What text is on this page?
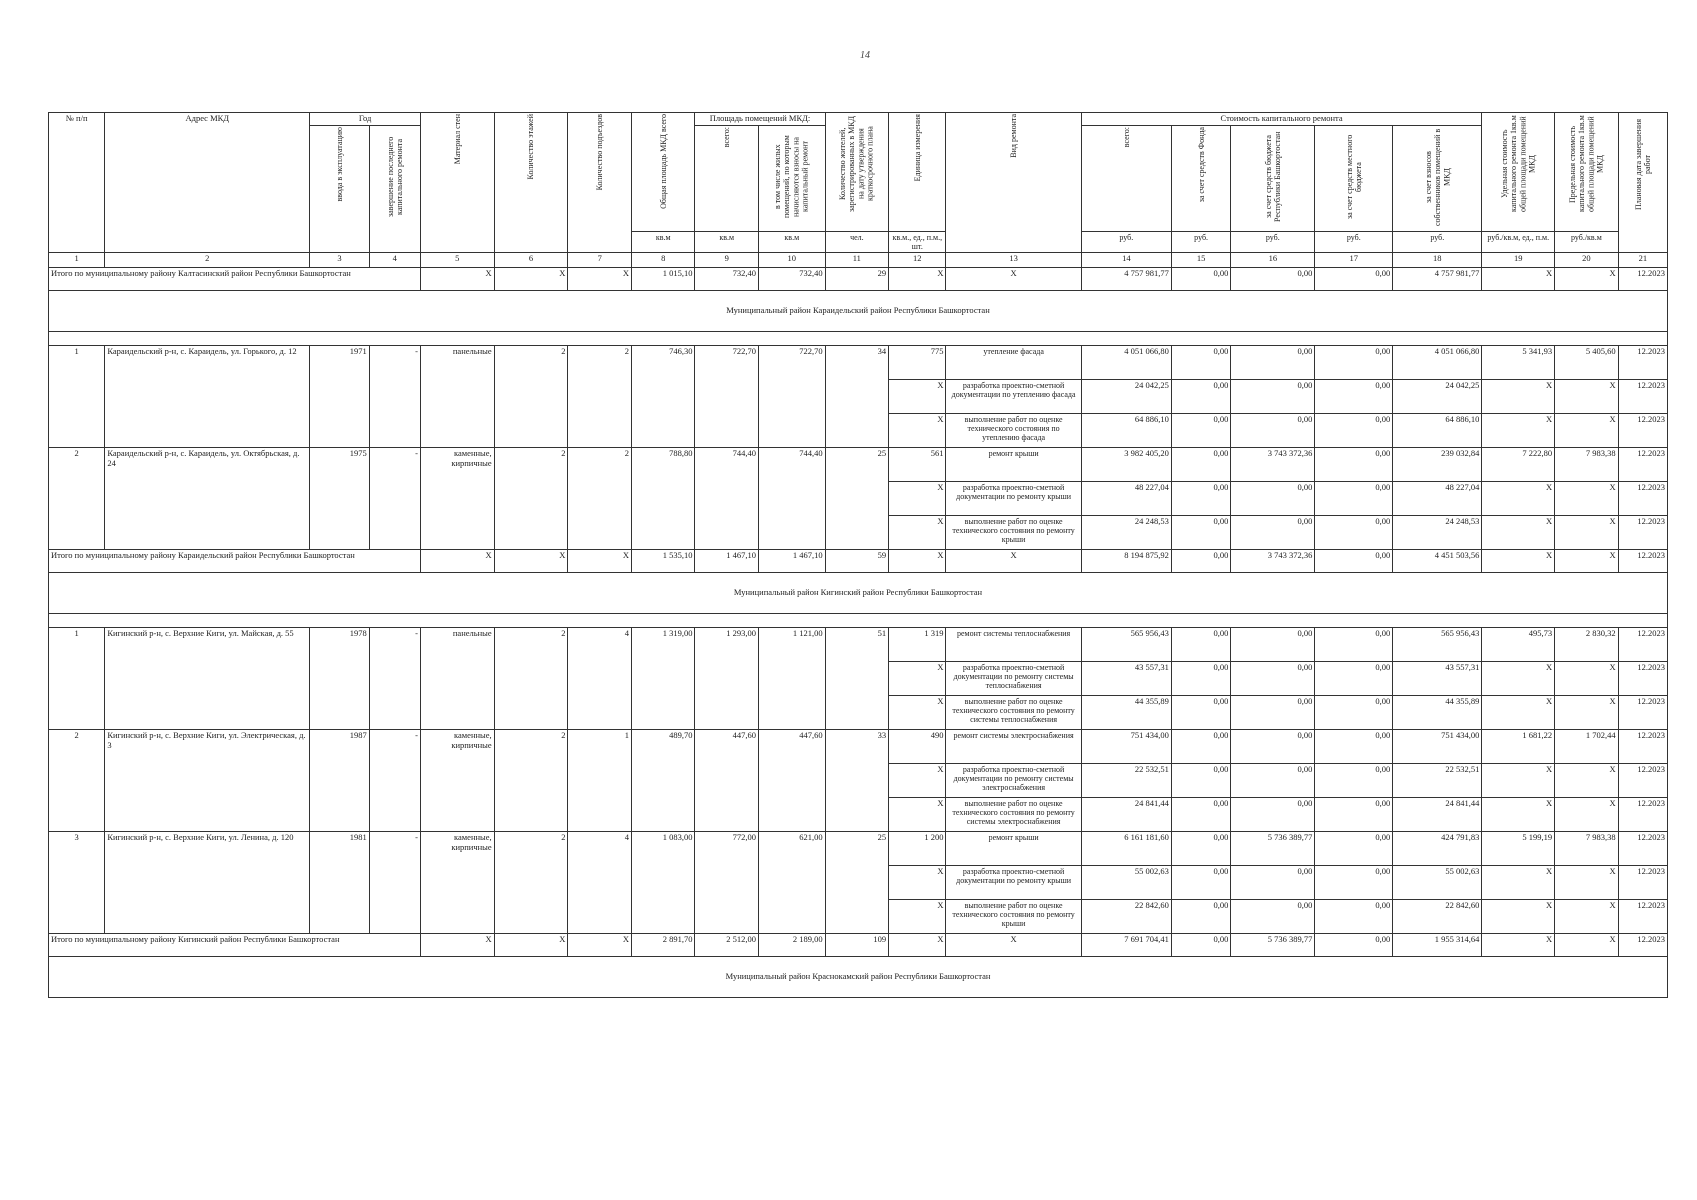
14
№ п/п	Адрес МКД	Год		Материал стен	Количество этажей	Количество подъездов	Общая площадь МКД всего	Площадь помещений МКД:		Количество жителей, зарегистрированных в МКД на дату утверждения краткосрочного плана	Единица измерения	Вид ремонта	Стоимость капитального ремонта					Удельная стоимость капитального ремонта 1кв.м общей площади помещений МКД	Предельная стоимость капитального ремонта 1кв.м общей площади помещений МКД	Плановая дата завершения работ
		ввода в эксплуатацию	завершение последнего капитального ремонта					всего:	в том числе жилых помещений, по которым начисляются взносы на капитальный ремонт				всего:	за счет средств Фонда	за счет средств бюджета Республики Башкортостан	за счет средств местного бюджета	за счет взносов собственников помещений в МКД			
							кв.м	кв.м	кв.м	чел.	кв.м., ед., п.м., шт.		руб.	руб.	руб.	руб.	руб.	руб./кв.м, ед., п.м.	руб./кв.м	
1	2	3	4	5	6	7	8	9	10	11	12	13	14	15	16	17	18	19	20	21
Итого по муниципальному району Калтасинский район Республики Башкортостан				X	X	X	1 015,10	732,40	732,40	29	X	X	4 757 981,77	0,00	0,00	0,00	4 757 981,77	X	X	12.2023
Муниципальный район Караидельский район Республики Башкортостан																				

1	Караидельский р-н, с. Караидель, ул. Горького, д. 12	1971	-	панельные	2	2	746,30	722,70	722,70	34	775	утепление фасада	4 051 066,80	0,00	0,00	0,00	4 051 066,80	5 341,93	5 405,60	12.2023
											X	разработка проектно-сметной документации по утеплению фасада	24 042,25	0,00	0,00	0,00	24 042,25	X	X	12.2023
											X	выполнение работ по оценке технического состояния по утеплению фасада	64 886,10	0,00	0,00	0,00	64 886,10	X	X	12.2023
2	Караидельский р-н, с. Караидель, ул. Октябрьская, д. 24	1975	-	каменные, кирпичные	2	2	788,80	744,40	744,40	25	561	ремонт крыши	3 982 405,20	0,00	3 743 372,36	0,00	239 032,84	7 222,80	7 983,38	12.2023
											X	разработка проектно-сметной документации по ремонту крыши	48 227,04	0,00	0,00	0,00	48 227,04	X	X	12.2023
											X	выполнение работ по оценке технического состояния по ремонту крыши	24 248,53	0,00	0,00	0,00	24 248,53	X	X	12.2023
Итого по муниципальному району Караидельский район Республики Башкортостан				X	X	X	1 535,10	1 467,10	1 467,10	59	X	X	8 194 875,92	0,00	3 743 372,36	0,00	4 451 503,56	X	X	12.2023
Муниципальный район Кигинский район Республики Башкортостан																				

1	Кигинский р-н, с. Верхние Киги, ул. Майская, д. 55	1978	-	панельные	2	4	1 319,00	1 293,00	1 121,00	51	1 319	ремонт системы теплоснабжения	565 956,43	0,00	0,00	0,00	565 956,43	495,73	2 830,32	12.2023
											X	разработка проектно-сметной документации по ремонту системы теплоснабжения	43 557,31	0,00	0,00	0,00	43 557,31	X	X	12.2023
											X	выполнение работ по оценке технического состояния по ремонту системы теплоснабжения	44 355,89	0,00	0,00	0,00	44 355,89	X	X	12.2023
2	Кигинский р-н, с. Верхние Киги, ул. Электрическая, д. 3	1987	-	каменные, кирпичные	2	1	489,70	447,60	447,60	33	490	ремонт системы электроснабжения	751 434,00	0,00	0,00	0,00	751 434,00	1 681,22	1 702,44	12.2023
											X	разработка проектно-сметной документации по ремонту системы электроснабжения	22 532,51	0,00	0,00	0,00	22 532,51	X	X	12.2023
											X	выполнение работ по оценке технического состояния по ремонту системы электроснабжения	24 841,44	0,00	0,00	0,00	24 841,44	X	X	12.2023
3	Кигинский р-н, с. Верхние Киги, ул. Ленина, д. 120	1981	-	каменные, кирпичные	2	4	1 083,00	772,00	621,00	25	1 200	ремонт крыши	6 161 181,60	0,00	5 736 389,77	0,00	424 791,83	5 199,19	7 983,38	12.2023
											X	разработка проектно-сметной документации по ремонту крыши	55 002,63	0,00	0,00	0,00	55 002,63	X	X	12.2023
											X	выполнение работ по оценке технического состояния по ремонту крыши	22 842,60	0,00	0,00	0,00	22 842,60	X	X	12.2023
Итого по муниципальному району Кигинский район Республики Башкортостан				X	X	X	2 891,70	2 512,00	2 189,00	109	X	X	7 691 704,41	0,00	5 736 389,77	0,00	1 955 314,64	X	X	12.2023
Муниципальный район Краснокамский район Республики Башкортостан																				
